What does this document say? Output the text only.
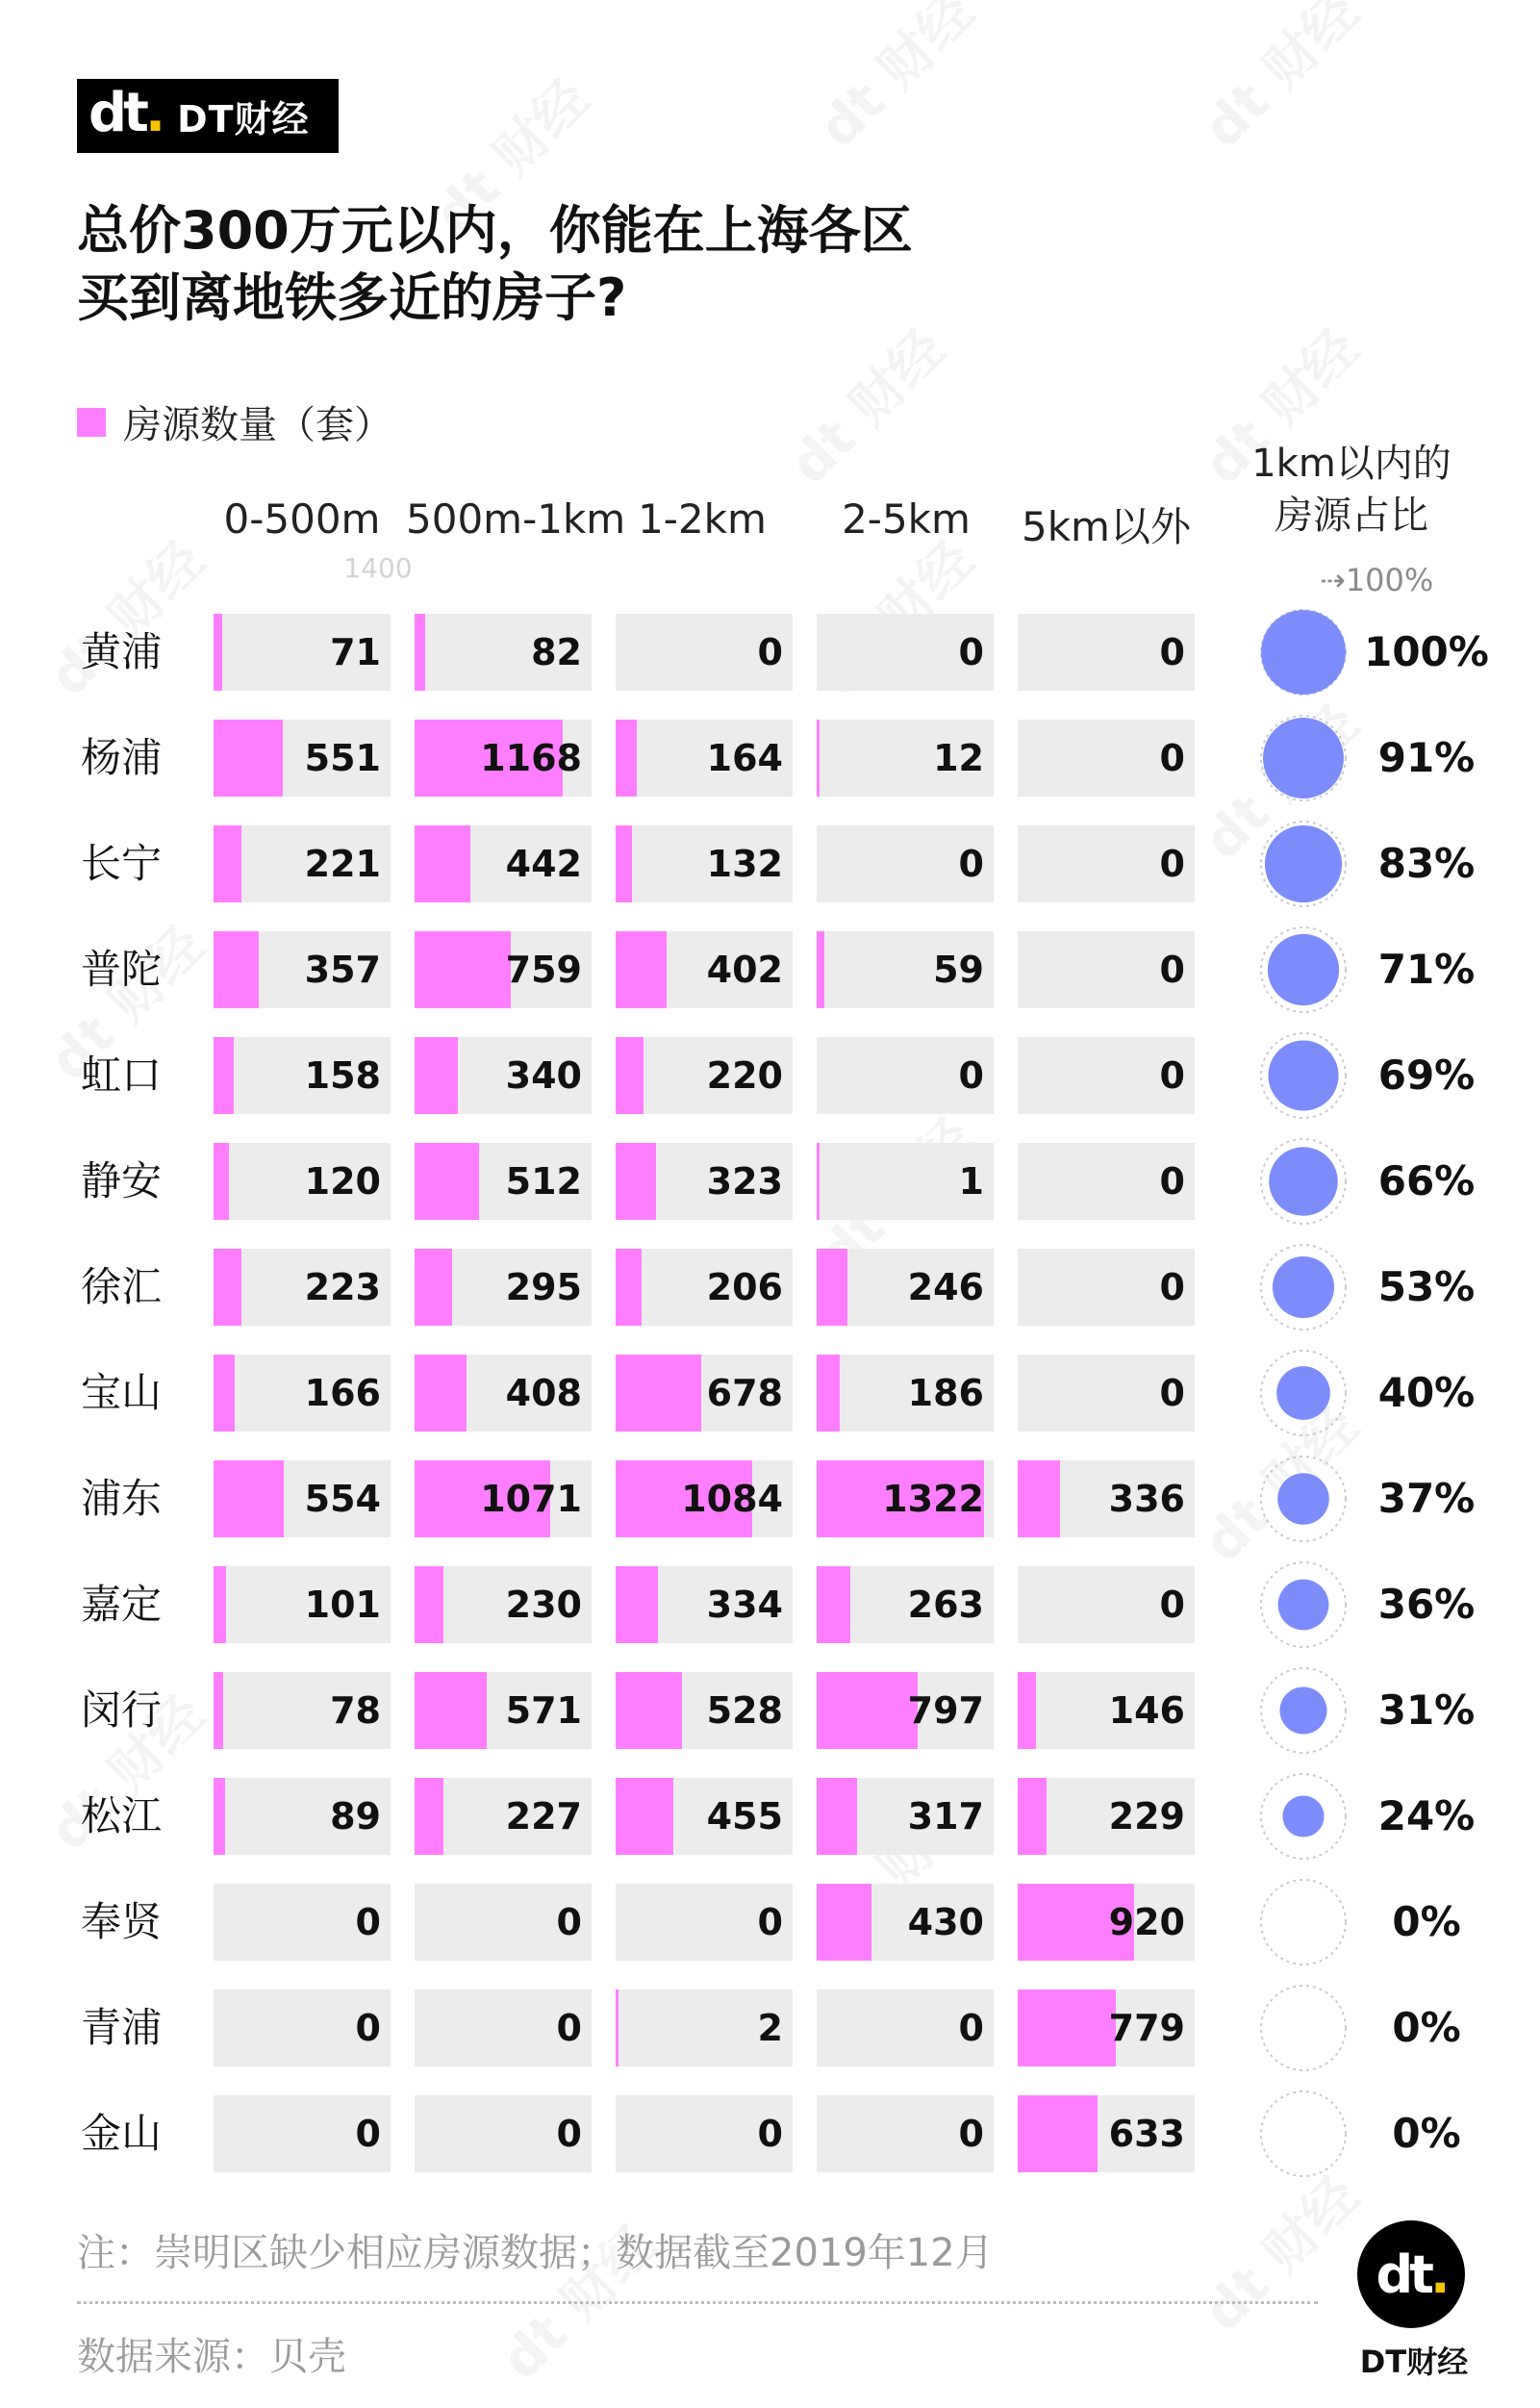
dt. DT财经
总价300万元以内，你能在上海各区
买到离地铁多近的房子?
房源数量（套）
1km以内的
房源占比
1400	⇢100%
0-500m 500m-1km 1-2km	2-5km	5km以外
黄浦	71	82	0	0	0	100%
杨浦	551	1168	164	12	0	91%
长宁	221	442	132	0	0	83%
普陀	357	759	402	59	0	71%
虹口	158	340	220	0	0	69%
静安	120	512	323	1	0	66%
徐汇	223	295	206	246	0	53%
宝山	166	408	678	186	0	40%
浦东	554	1071	1084	1322	336	37%
嘉定	101	230	334	263	0	36%
闵行	78	571	528	797	146	31%
松江	89	227	455	317	229	24%
奉贤	0	0	0	430	920	0%
青浦	0	0	2	0	779	0%
金山	0	0	0	0	633	0%
注：崇明区缺少相应房源数据；数据截至2019年12月
数据来源：贝壳
dt .
DT财经
